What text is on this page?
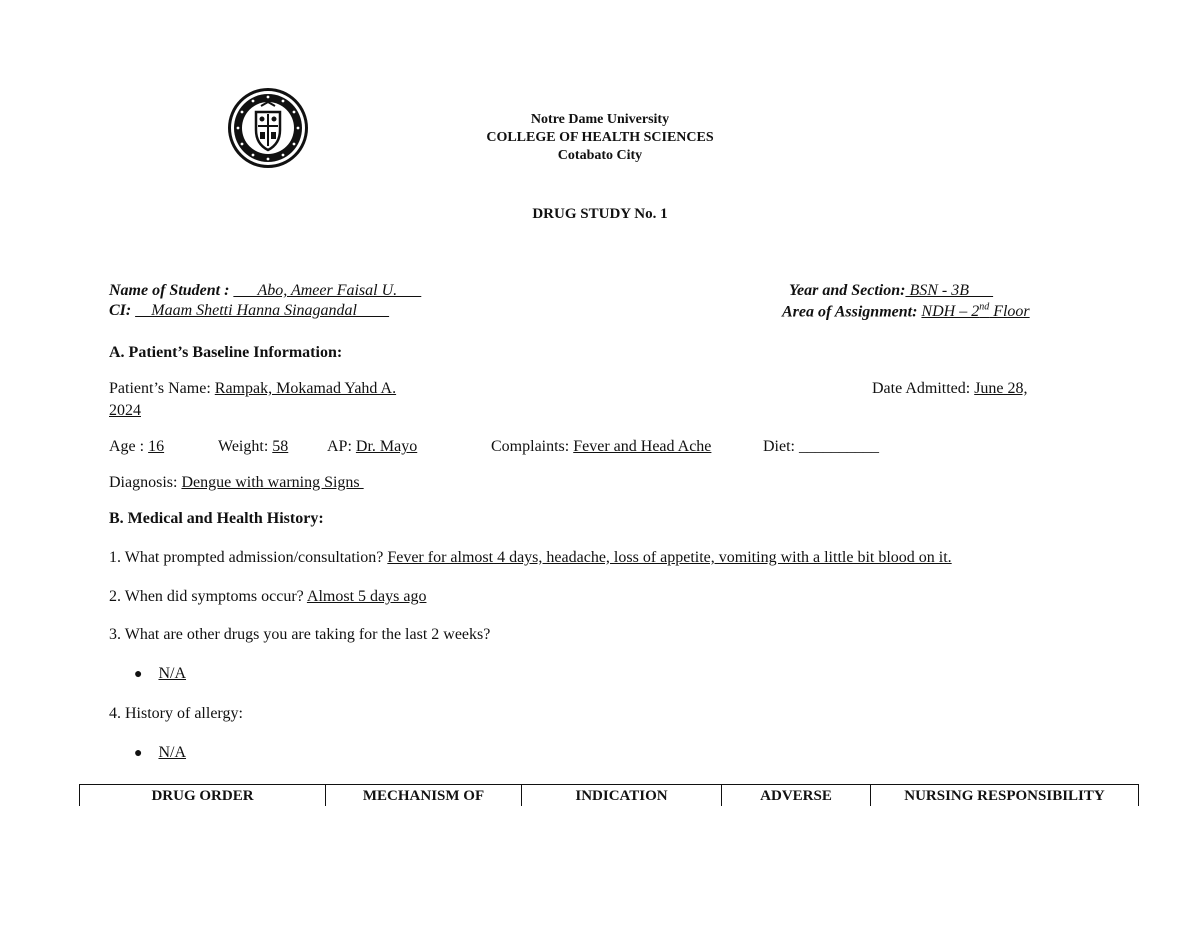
Notre Dame University
COLLEGE OF HEALTH SCIENCES
Cotabato City
DRUG STUDY No. 1
Name of Student : ___Abo, Ameer Faisal U.___
CI: __Maam Shetti Hanna Sinagandal____
Year and Section: BSN - 3B___
Area of Assignment: NDH – 2nd Floor
A. Patient’s Baseline Information:
Patient’s Name: Rampak, Mokamad Yahd A.	Date Admitted: June 28,
2024
Age : 16	Weight: 58 AP: Dr. Mayo	Complaints: Fever and Head Ache	Diet: __________
Diagnosis: Dengue with warning Signs
B. Medical and Health History:
1. What prompted admission/consultation? Fever for almost 4 days, headache, loss of appetite, vomiting with a little bit blood on it.
2. When did symptoms occur? Almost 5 days ago
3. What are other drugs you are taking for the last 2 weeks?
● N/A
4. History of allergy:
● N/A
DRUG ORDER	MECHANISM OF	INDICATION	ADVERSE	NURSING RESPONSIBILITY
